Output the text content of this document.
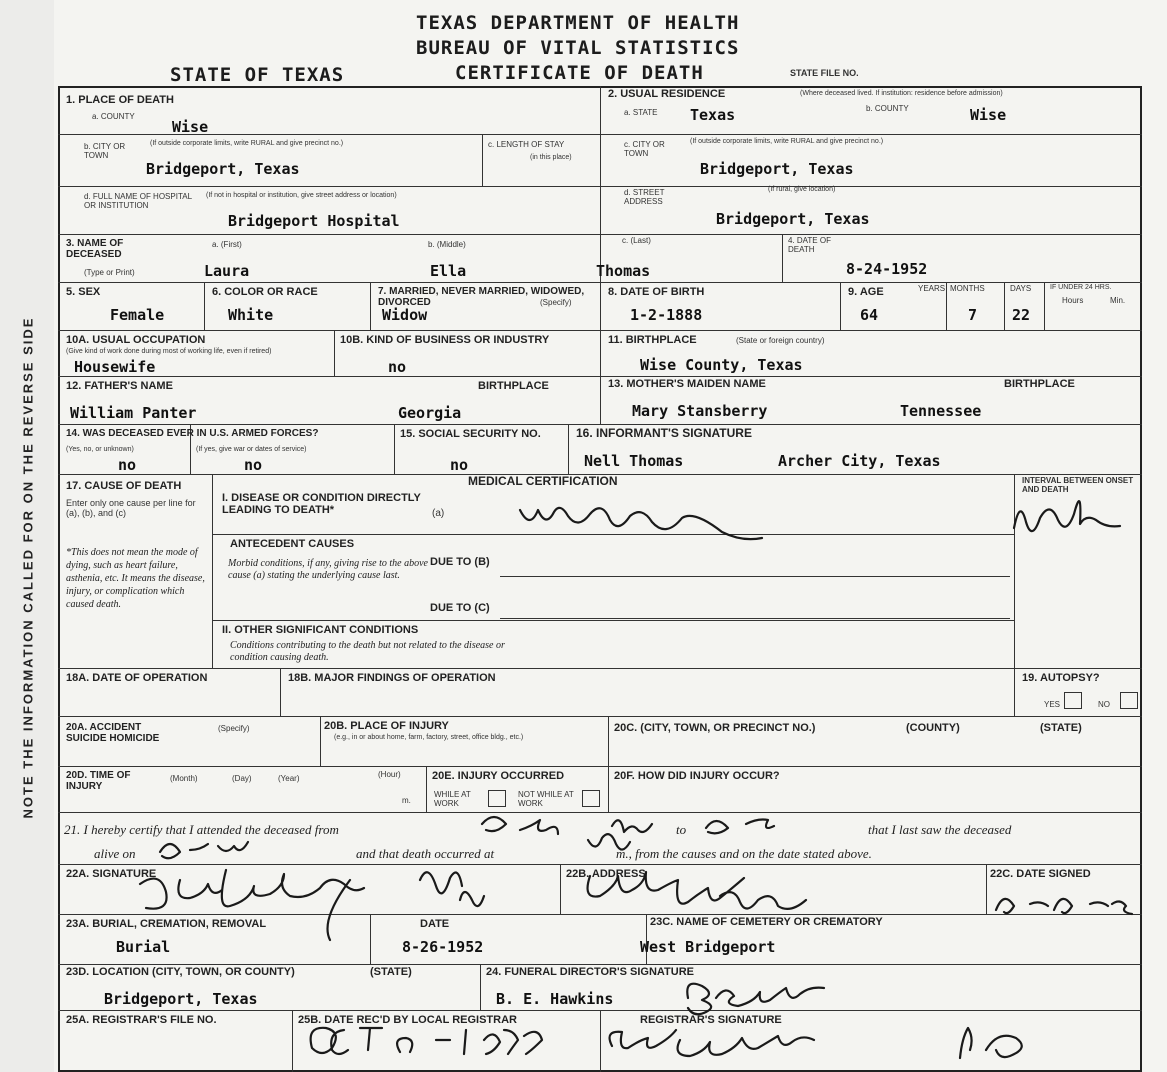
NOTE THE INFORMATION CALLED FOR ON THE REVERSE SIDE
TEXAS DEPARTMENT OF HEALTH
BUREAU OF VITAL STATISTICS
STATE OF TEXAS	CERTIFICATE OF DEATH	STATE FILE NO.
1. PLACE OF DEATH
a. COUNTY
Wise
2. USUAL RESIDENCE	(Where deceased lived. If institution: residence before admission)
a. STATE Texas	b. COUNTY	Wise
b. CITY OR TOWN
(If outside corporate limits, write RURAL and give precinct no.)
Bridgeport, Texas
c. LENGTH OF STAY
(in this place)
c. CITY OR TOWN
(If outside corporate limits, write RURAL and give precinct no.)
Bridgeport, Texas
d. FULL NAME OF HOSPITAL OR INSTITUTION
(If not in hospital or institution, give street address or location)
Bridgeport Hospital
d. STREET ADDRESS
(If rural, give location)
Bridgeport, Texas
3. NAME OF DECEASED
(Type or Print)
a. (First)	b. (Middle)	c. (Last)
Laura	Ella	Thomas
4. DATE OF DEATH
8-24-1952
5. SEX
Female
6. COLOR OR RACE
White
7. MARRIED, NEVER MARRIED, WIDOWED, DIVORCED	(Specify)
Widow
8. DATE OF BIRTH
1-2-1888
9. AGE	YEARS
64
MONTHS
7
DAYS
22
IF UNDER 24 HRS.
Hours	Min.
10A. USUAL OCCUPATION
(Give kind of work done during most of working life, even if retired)
Housewife
10B. KIND OF BUSINESS OR INDUSTRY
no
11. BIRTHPLACE	(State or foreign country)
Wise County, Texas
12. FATHER'S NAME	BIRTHPLACE
William Panter	Georgia
13. MOTHER'S MAIDEN NAME	BIRTHPLACE
Mary Stansberry	Tennessee
14. WAS DECEASED EVER IN U.S. ARMED FORCES?
(Yes, no, or unknown)	(If yes, give war or dates of service)
no	no
15. SOCIAL SECURITY NO.
no
16. INFORMANT'S SIGNATURE
Nell Thomas	Archer City, Texas
MEDICAL CERTIFICATION
17. CAUSE OF DEATH
Enter only one cause per line for (a), (b), and (c)
*This does not mean the mode of dying, such as heart failure, asthenia, etc. It means the disease, injury, or complication which caused death.
I. DISEASE OR CONDITION DIRECTLY LEADING TO DEATH*	(a)
ANTECEDENT CAUSES
Morbid conditions, if any, giving rise to the above cause (a) stating the underlying cause last.
DUE TO (B)
DUE TO (C)
II. OTHER SIGNIFICANT CONDITIONS
Conditions contributing to the death but not related to the disease or condition causing death.
INTERVAL BETWEEN ONSET AND DEATH
18A. DATE OF OPERATION	18B. MAJOR FINDINGS OF OPERATION	19. AUTOPSY?
YES	NO
20A. ACCIDENT SUICIDE HOMICIDE
(Specify)	20B. PLACE OF INJURY
(e.g., in or about home, farm, factory, street, office bldg., etc.)
20C. (CITY, TOWN, OR PRECINCT NO.)	(COUNTY)	(STATE)
20D. TIME OF INJURY
(Month)	(Day)	(Year)	(Hour)
m.
20E. INJURY OCCURRED
WHILE AT WORK
NOT WHILE AT WORK
20F. HOW DID INJURY OCCUR?
21. I hereby certify that I attended the deceased from	to	that I last saw the deceased
alive on	and that death occurred at	m., from the causes and on the date stated above.
22A. SIGNATURE	22B. ADDRESS	22C. DATE SIGNED
23A. BURIAL, CREMATION, REMOVAL	DATE	23C. NAME OF CEMETERY OR CREMATORY
Burial	8-26-1952	West Bridgeport
23D. LOCATION (CITY, TOWN, OR COUNTY)	(STATE)	24. FUNERAL DIRECTOR'S SIGNATURE
Bridgeport, Texas	B. E. Hawkins
25A. REGISTRAR'S FILE NO.	25B. DATE REC'D BY LOCAL REGISTRAR	REGISTRAR'S SIGNATURE
